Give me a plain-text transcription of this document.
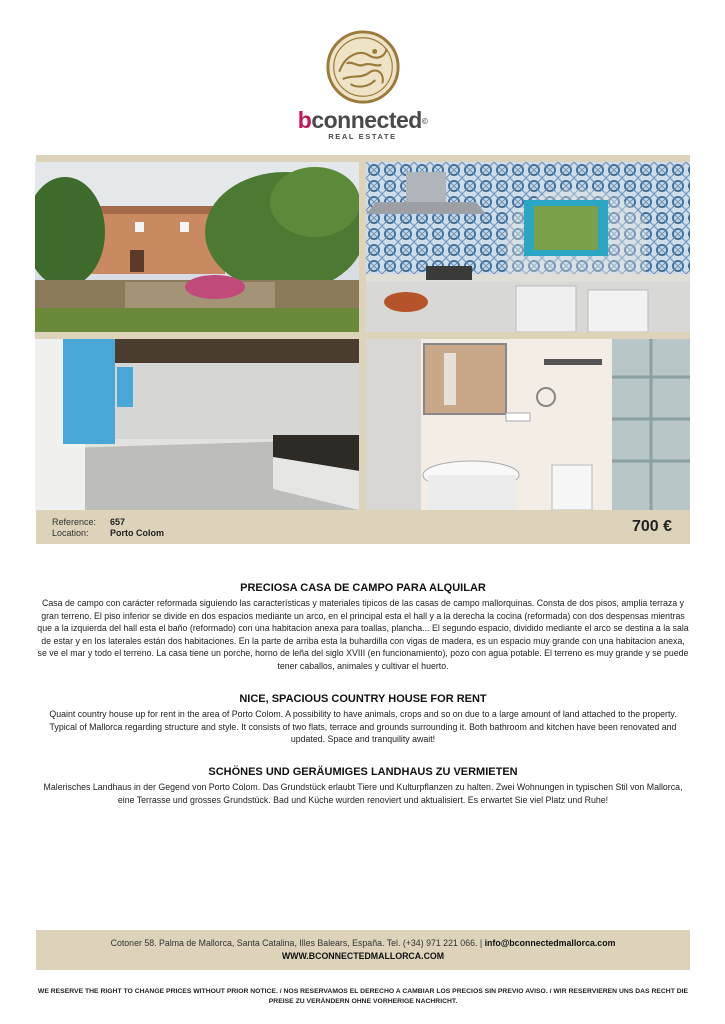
bconnected©
REAL ESTATE
Reference:	657
Location:	Porto Colom	700 €
PRECIOSA CASA DE CAMPO PARA ALQUILAR

Casa de campo con carácter reformada siguiendo las características y materiales tipicos de las casas de campo mallorquinas. Consta de dos pisos, amplia terraza y gran terreno. El piso inferior se divide en dos espacios mediante un arco, en el principal esta el hall y a la derecha la cocina (reformada) con dos despensas mientras que a la izquierda del hall esta el baño (reformado) con una habitacion anexa para toallas, plancha... El segundo espacio, dividido mediante el arco se destina a la sala de estar y en los laterales están dos habitaciones. En la parte de arriba esta la buhardilla con vigas de madera, es un espacio muy grande con una habitacion anexa, se ve el mar y todo el terreno. La casa tiene un porche, horno de leña del siglo XVIII (en funcionamiento), pozo con agua potable. El terreno es muy grande y se puede tener caballos, animales y cultivar el huerto.

NICE, SPACIOUS COUNTRY HOUSE FOR RENT

Quaint country house up for rent in the area of Porto Colom. A possibility to have animals, crops and so on due to a large amount of land attached to the property. Typical of Mallorca regarding structure and style. It consists of two flats, terrace and grounds surrounding it. Both bathroom and kitchen have been renovated and updated. Space and tranquility await!

SCHÖNES UND GERÄUMIGES LANDHAUS ZU VERMIETEN

Malerisches Landhaus in der Gegend von Porto Colom. Das Grundstück erlaubt Tiere und Kulturpflanzen zu halten. Zwei Wohnungen in typischen Stil von Mallorca, eine Terrasse und grosses Grundstück. Bad und Küche wurden renoviert und aktualisiert. Es erwartet Sie viel Platz und Ruhe!

Cotoner 58. Palma de Mallorca, Santa Catalina, Illes Balears, España. Tel. (+34) 971 221 066. | info@bconnectedmallorca.com
WWW.BCONNECTEDMALLORCA.COM
WE RESERVE THE RIGHT TO CHANGE PRICES WITHOUT PRIOR NOTICE. / NOS RESERVAMOS EL DERECHO A CAMBIAR LOS PRECIOS SIN PREVIO AVISO. / WIR RESERVIEREN UNS DAS RECHT DIE PREISE ZU VERÄNDERN OHNE VORHERIGE NACHRICHT.
